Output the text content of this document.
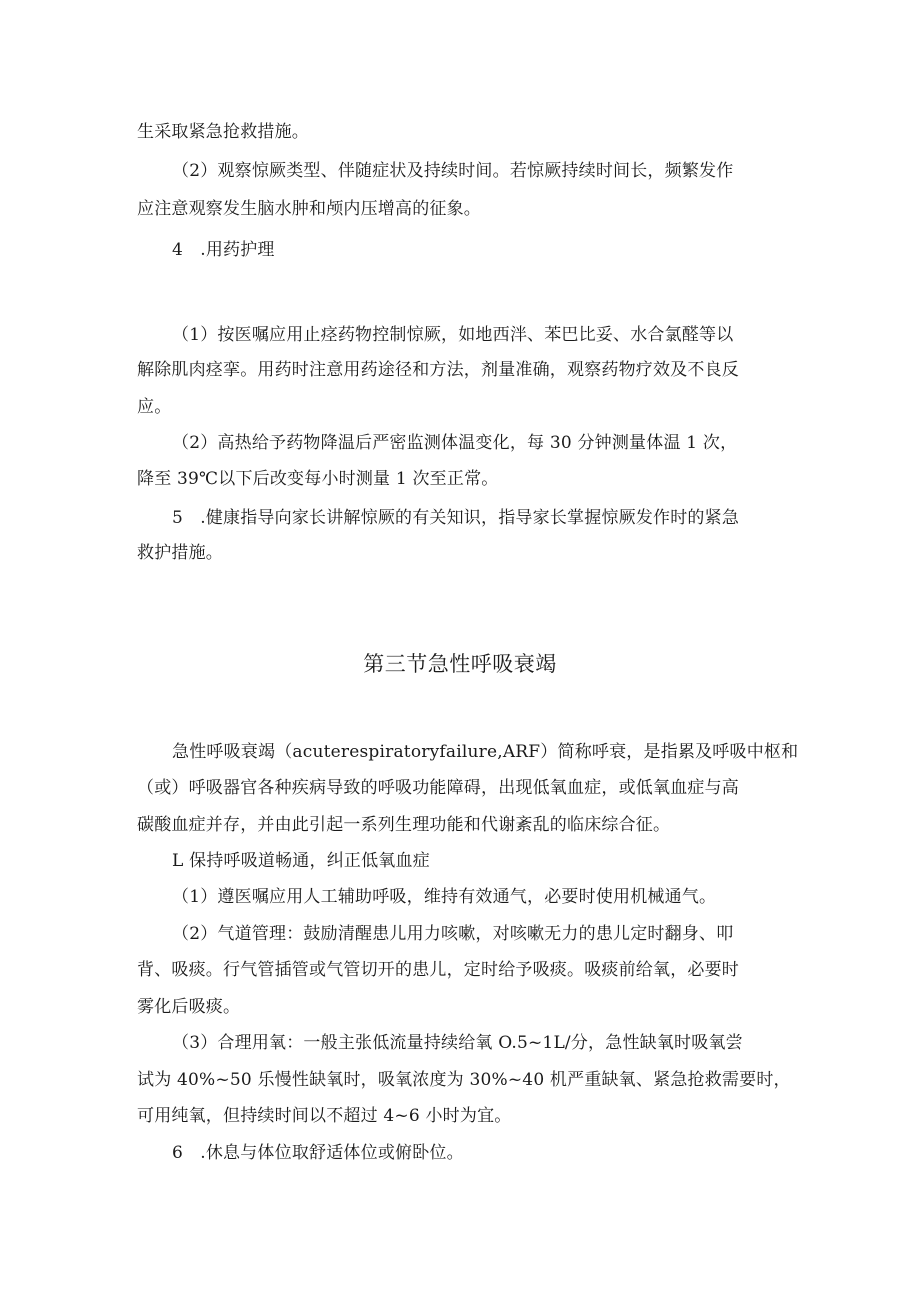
生采取紧急抢救措施。
（2）观察惊厥类型、伴随症状及持续时间。若惊厥持续时间长，频繁发作
应注意观察发生脑水肿和颅内压增高的征象。
4　.用药护理
（1）按医嘱应用止痉药物控制惊厥，如地西泮、苯巴比妥、水合氯醛等以
解除肌肉痉挛。用药时注意用药途径和方法，剂量准确，观察药物疗效及不良反
应。
（2）高热给予药物降温后严密监测体温变化，每 30 分钟测量体温 1 次，
降至 39℃以下后改变每小时测量 1 次至正常。
5　.健康指导向家长讲解惊厥的有关知识，指导家长掌握惊厥发作时的紧急
救护措施。
第三节急性呼吸衰竭
急性呼吸衰竭（acuterespiratoryfailure,ARF）简称呼衰，是指累及呼吸中枢和
（或）呼吸器官各种疾病导致的呼吸功能障碍，出现低氧血症，或低氧血症与高
碳酸血症并存，并由此引起一系列生理功能和代谢紊乱的临床综合征。
L 保持呼吸道畅通，纠正低氧血症
（1）遵医嘱应用人工辅助呼吸，维持有效通气，必要时使用机械通气。
（2）气道管理：鼓励清醒患儿用力咳嗽，对咳嗽无力的患儿定时翻身、叩
背、吸痰。行气管插管或气管切开的患儿，定时给予吸痰。吸痰前给氧，必要时
雾化后吸痰。
（3）合理用氧：一般主张低流量持续给氧 O.5~1L/分，急性缺氧时吸氧尝
试为 40%~50 乐慢性缺氧时，吸氧浓度为 30%~40 机严重缺氧、紧急抢救需要时，
可用纯氧，但持续时间以不超过 4~6 小时为宜。
6　.休息与体位取舒适体位或俯卧位。
